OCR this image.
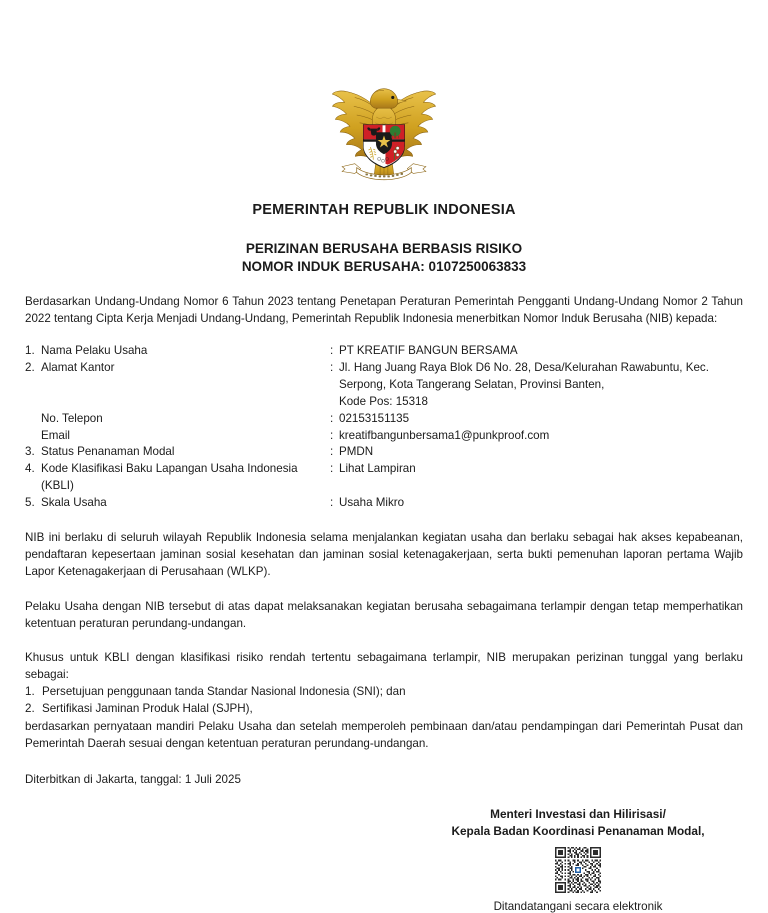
PEMERINTAH REPUBLIK INDONESIA
PERIZINAN BERUSAHA BERBASIS RISIKO
NOMOR INDUK BERUSAHA: 0107250063833
Berdasarkan Undang-Undang Nomor 6 Tahun 2023 tentang Penetapan Peraturan Pemerintah Pengganti Undang-Undang Nomor 2 Tahun 2022 tentang Cipta Kerja Menjadi Undang-Undang, Pemerintah Republik Indonesia menerbitkan Nomor Induk Berusaha (NIB) kepada:
1. Nama Pelaku Usaha	: PT KREATIF BANGUN BERSAMA
2. Alamat Kantor	: Jl. Hang Juang Raya Blok D6 No. 28, Desa/Kelurahan Rawabuntu, Kec.
Serpong, Kota Tangerang Selatan, Provinsi Banten,
Kode Pos: 15318
No. Telepon	: 02153151135
Email	: kreatifbangunbersama1@punkproof.com
3. Status Penanaman Modal	: PMDN
4. Kode Klasifikasi Baku Lapangan Usaha Indonesia	: Lihat Lampiran
(KBLI)
5. Skala Usaha	: Usaha Mikro
NIB ini berlaku di seluruh wilayah Republik Indonesia selama menjalankan kegiatan usaha dan berlaku sebagai hak akses kepabeanan, pendaftaran kepesertaan jaminan sosial kesehatan dan jaminan sosial ketenagakerjaan, serta bukti pemenuhan laporan pertama Wajib Lapor Ketenagakerjaan di Perusahaan (WLKP).
Pelaku Usaha dengan NIB tersebut di atas dapat melaksanakan kegiatan berusaha sebagaimana terlampir dengan tetap memperhatikan ketentuan peraturan perundang-undangan.
Khusus untuk KBLI dengan klasifikasi risiko rendah tertentu sebagaimana terlampir, NIB merupakan perizinan tunggal yang berlaku sebagai:
1. Persetujuan penggunaan tanda Standar Nasional Indonesia (SNI); dan
2. Sertifikasi Jaminan Produk Halal (SJPH),
berdasarkan pernyataan mandiri Pelaku Usaha dan setelah memperoleh pembinaan dan/atau pendampingan dari Pemerintah Pusat dan Pemerintah Daerah sesuai dengan ketentuan peraturan perundang-undangan.
Diterbitkan di Jakarta, tanggal: 1 Juli 2025
Menteri Investasi dan Hilirisasi/
Kepala Badan Koordinasi Penanaman Modal,
Ditandatangani secara elektronik
